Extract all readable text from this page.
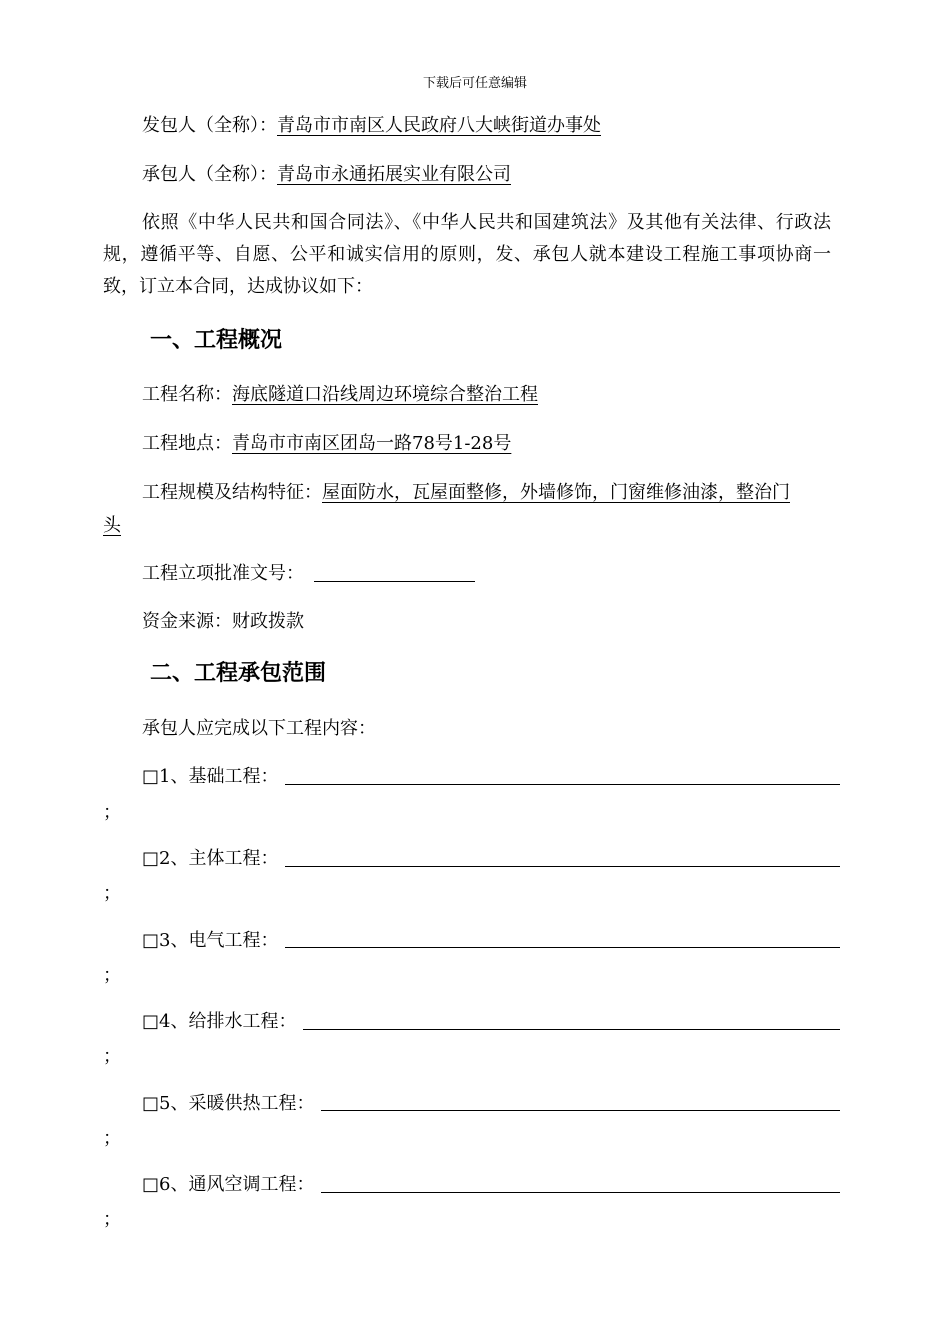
下载后可任意编辑
发包人（全称）：青岛市市南区人民政府八大峡街道办事处
承包人（全称）：青岛市永通拓展实业有限公司
依照《中华人民共和国合同法》、《中华人民共和国建筑法》及其他有关法律、行政法规，遵循平等、自愿、公平和诚实信用的原则，发、承包人就本建设工程施工事项协商一致，订立本合同，达成协议如下：
一、工程概况
工程名称：海底隧道口沿线周边环境综合整治工程
工程地点：青岛市市南区团岛一路78号1-28号
工程规模及结构特征：屋面防水，瓦屋面整修，外墙修饰，门窗维修油漆，整治门
头
工程立项批准文号：
资金来源：财政拨款
二、工程承包范围
承包人应完成以下工程内容：
□1、基础工程：
；
□2、主体工程：
；
□3、电气工程：
；
□4、给排水工程：
；
□5、采暖供热工程：
；
□6、通风空调工程：
；
